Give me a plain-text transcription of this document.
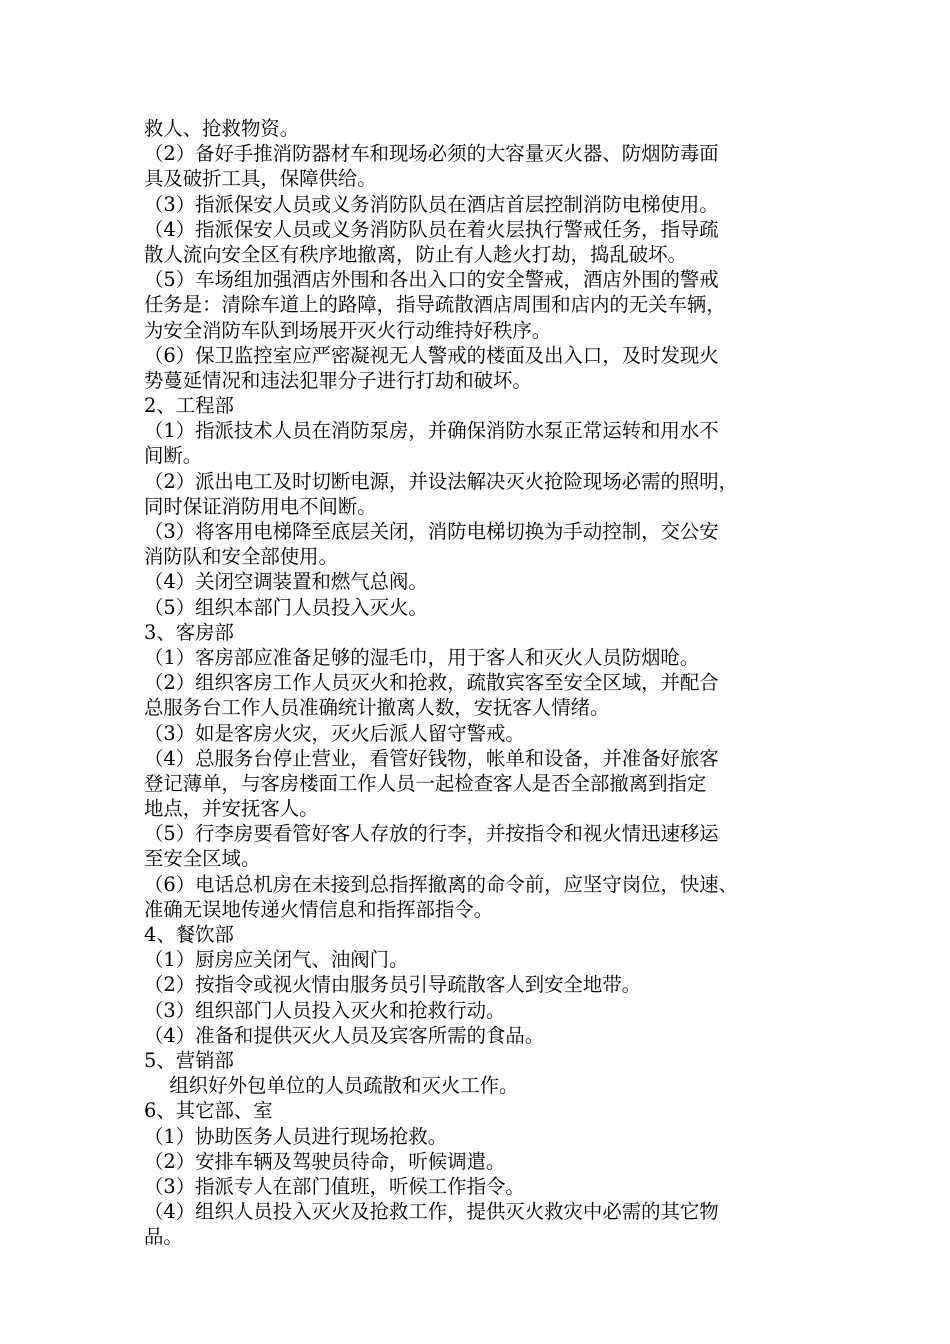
救人、抢救物资。
（2）备好手推消防器材车和现场必须的大容量灭火器、防烟防毒面
具及破折工具，保障供给。
（3）指派保安人员或义务消防队员在酒店首层控制消防电梯使用。
（4）指派保安人员或义务消防队员在着火层执行警戒任务，指导疏
散人流向安全区有秩序地撤离，防止有人趁火打劫，捣乱破坏。
（5）车场组加强酒店外围和各出入口的安全警戒，酒店外围的警戒
任务是：清除车道上的路障，指导疏散酒店周围和店内的无关车辆，
为安全消防车队到场展开灭火行动维持好秩序。
（6）保卫监控室应严密凝视无人警戒的楼面及出入口，及时发现火
势蔓延情况和违法犯罪分子进行打劫和破坏。
2、工程部
（1）指派技术人员在消防泵房，并确保消防水泵正常运转和用水不
间断。
（2）派出电工及时切断电源，并设法解决灭火抢险现场必需的照明，
同时保证消防用电不间断。
（3）将客用电梯降至底层关闭，消防电梯切换为手动控制，交公安
消防队和安全部使用。
（4）关闭空调装置和燃气总阀。
（5）组织本部门人员投入灭火。
3、客房部
（1）客房部应准备足够的湿毛巾，用于客人和灭火人员防烟呛。
（2）组织客房工作人员灭火和抢救，疏散宾客至安全区域，并配合
总服务台工作人员准确统计撤离人数，安抚客人情绪。
（3）如是客房火灾，灭火后派人留守警戒。
（4）总服务台停止营业，看管好钱物，帐单和设备，并准备好旅客
登记薄单，与客房楼面工作人员一起检查客人是否全部撤离到指定
地点，并安抚客人。
（5）行李房要看管好客人存放的行李，并按指令和视火情迅速移运
至安全区域。
（6）电话总机房在未接到总指挥撤离的命令前，应坚守岗位，快速、
准确无误地传递火情信息和指挥部指令。
4、餐饮部
（1）厨房应关闭气、油阀门。
（2）按指令或视火情由服务员引导疏散客人到安全地带。
（3）组织部门人员投入灭火和抢救行动。
（4）准备和提供灭火人员及宾客所需的食品。
5、营销部
　组织好外包单位的人员疏散和灭火工作。
6、其它部、室
（1）协助医务人员进行现场抢救。
（2）安排车辆及驾驶员待命，听候调遣。
（3）指派专人在部门值班，听候工作指令。
（4）组织人员投入灭火及抢救工作，提供灭火救灾中必需的其它物
品。
